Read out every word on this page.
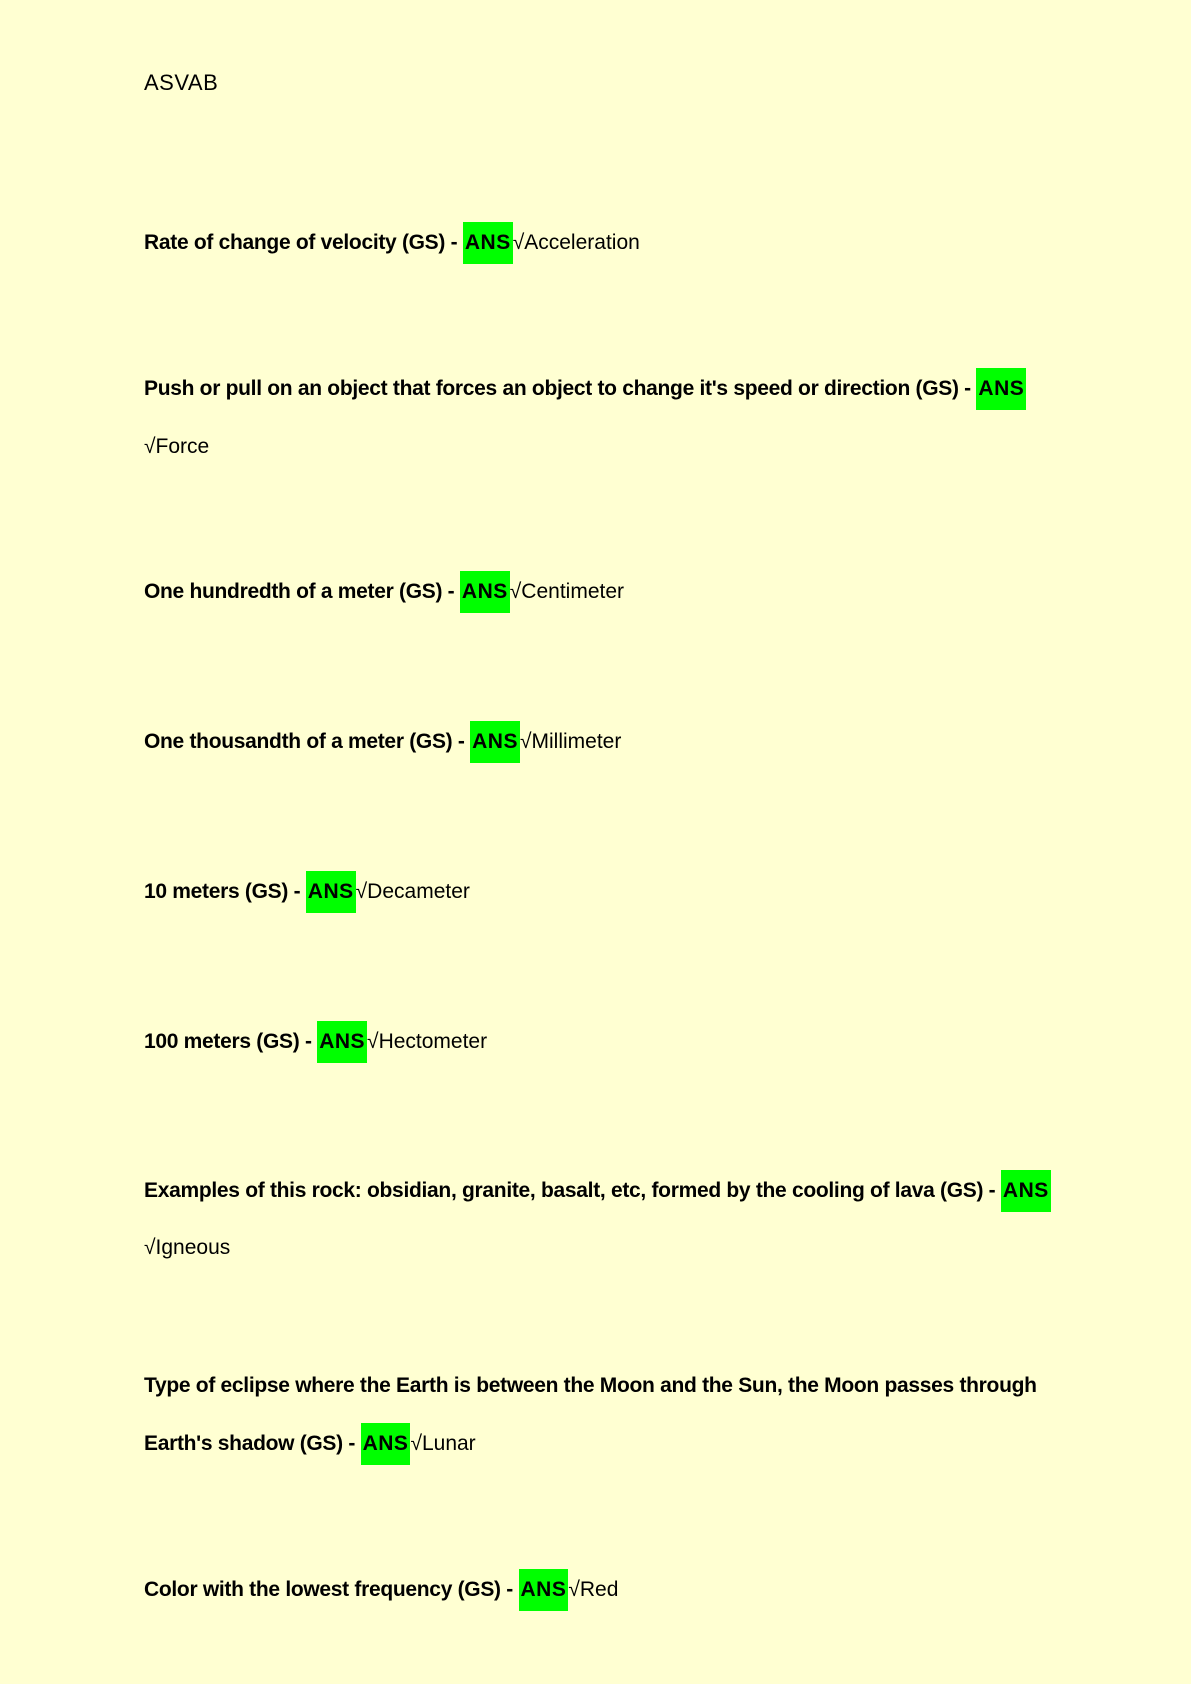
ASVAB
Rate of change of velocity (GS) - ANS√Acceleration
Push or pull on an object that forces an object to change it's speed or direction (GS) - ANS
√Force
One hundredth of a meter (GS) - ANS√Centimeter
One thousandth of a meter (GS) - ANS√Millimeter
10 meters (GS) - ANS√Decameter
100 meters (GS) - ANS√Hectometer
Examples of this rock: obsidian, granite, basalt, etc, formed by the cooling of lava (GS) - ANS
√Igneous
Type of eclipse where the Earth is between the Moon and the Sun, the Moon passes through
Earth's shadow (GS) - ANS√Lunar
Color with the lowest frequency (GS) - ANS√Red
